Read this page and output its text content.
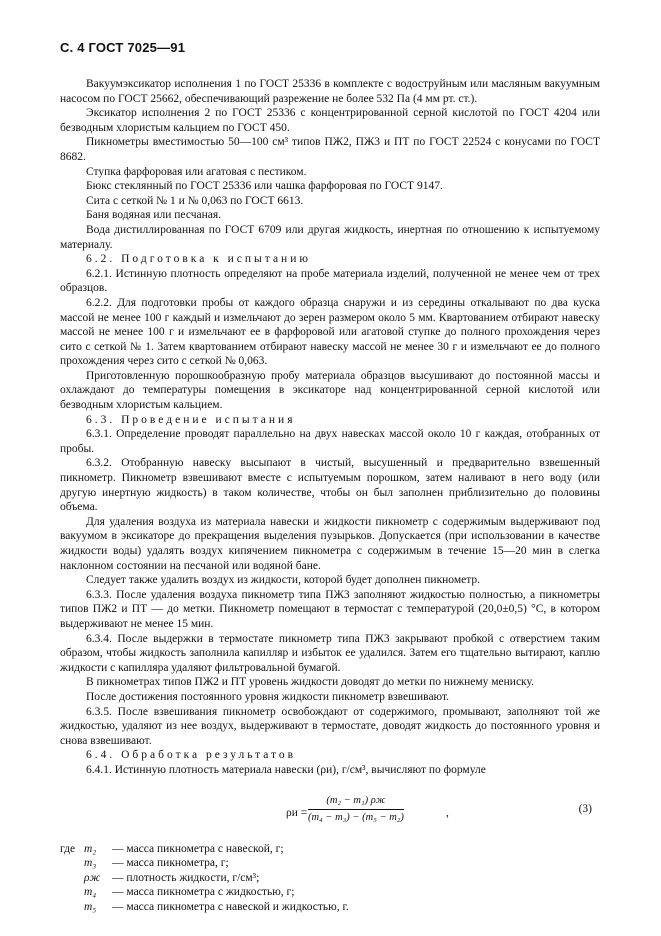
С. 4 ГОСТ 7025—91

Вакуумэксикатор исполнения 1 по ГОСТ 25336 в комплекте с водоструйным или масляным вакуумным насосом по ГОСТ 25662, обеспечивающий разрежение не более 532 Па (4 мм рт. ст.).

Эксикатор исполнения 2 по ГОСТ 25336 с концентрированной серной кислотой по ГОСТ 4204 или безводным хлористым кальцием по ГОСТ 450.

Пикнометры вместимостью 50—100 см³ типов ПЖ2, ПЖ3 и ПТ по ГОСТ 22524 с конусами по ГОСТ 8682.

Ступка фарфоровая или агатовая с пестиком.

Бюкс стеклянный по ГОСТ 25336 или чашка фарфоровая по ГОСТ 9147.

Сита с сеткой № 1 и № 0,063 по ГОСТ 6613.

Баня водяная или песчаная.

Вода дистиллированная по ГОСТ 6709 или другая жидкость, инертная по отношению к испытуемому материалу.

6.2. Подготовка к испытанию

6.2.1. Истинную плотность определяют на пробе материала изделий, полученной не менее чем от трех образцов.

6.2.2. Для подготовки пробы от каждого образца снаружи и из середины откалывают по два куска массой не менее 100 г каждый и измельчают до зерен размером около 5 мм. Квартованием отбирают навеску массой не менее 100 г и измельчают ее в фарфоровой или агатовой ступке до полного прохождения через сито с сеткой № 1. Затем квартованием отбирают навеску массой не менее 30 г и измельчают ее до полного прохождения через сито с сеткой № 0,063.

Приготовленную порошкообразную пробу материала образцов высушивают до постоянной массы и охлаждают до температуры помещения в эксикаторе над концентрированной серной кислотой или безводным хлористым кальцием.

6.3. Проведение испытания

6.3.1. Определение проводят параллельно на двух навесках массой около 10 г каждая, отобранных от пробы.

6.3.2. Отобранную навеску высыпают в чистый, высушенный и предварительно взвешенный пикнометр. Пикнометр взвешивают вместе с испытуемым порошком, затем наливают в него воду (или другую инертную жидкость) в таком количестве, чтобы он был заполнен приблизительно до половины объема.

Для удаления воздуха из материала навески и жидкости пикнометр с содержимым выдерживают под вакуумом в эксикаторе до прекращения выделения пузырьков. Допускается (при использовании в качестве жидкости воды) удалять воздух кипячением пикнометра с содержимым в течение 15—20 мин в слегка наклонном состоянии на песчаной или водяной бане.

Следует также удалить воздух из жидкости, которой будет дополнен пикнометр.

6.3.3. После удаления воздуха пикнометр типа ПЖ3 заполняют жидкостью полностью, а пикнометры типов ПЖ2 и ПТ — до метки. Пикнометр помещают в термостат с температурой (20,0±0,5) °С, в котором выдерживают не менее 15 мин.

6.3.4. После выдержки в термостате пикнометр типа ПЖ3 закрывают пробкой с отверстием таким образом, чтобы жидкость заполнила капилляр и избыток ее удалился. Затем его тщательно вытирают, каплю жидкости с капилляра удаляют фильтровальной бумагой.

В пикнометрах типов ПЖ2 и ПТ уровень жидкости доводят до метки по нижнему мениску.

После достижения постоянного уровня жидкости пикнометр взвешивают.

6.3.5. После взвешивания пикнометр освобождают от содержимого, промывают, заполняют той же жидкостью, удаляют из нее воздух, выдерживают в термостате, доводят жидкость до постоянного уровня и снова взвешивают.

6.4. Обработка результатов

6.4.1. Истинную плотность материала навески (ρи), г/см³, вычисляют по формуле

ρи =
(m₂ − m₁) ρж
(m₄ − m₃) − (m₅ − m₂)	,	(3)
где m₂	— масса пикнометра с навеской, г;
m₃	— масса пикнометра, г;
ρж	— плотность жидкости, г/см³;
m₄	— масса пикнометра с жидкостью, г;
m₅	— масса пикнометра с навеской и жидкостью, г.
